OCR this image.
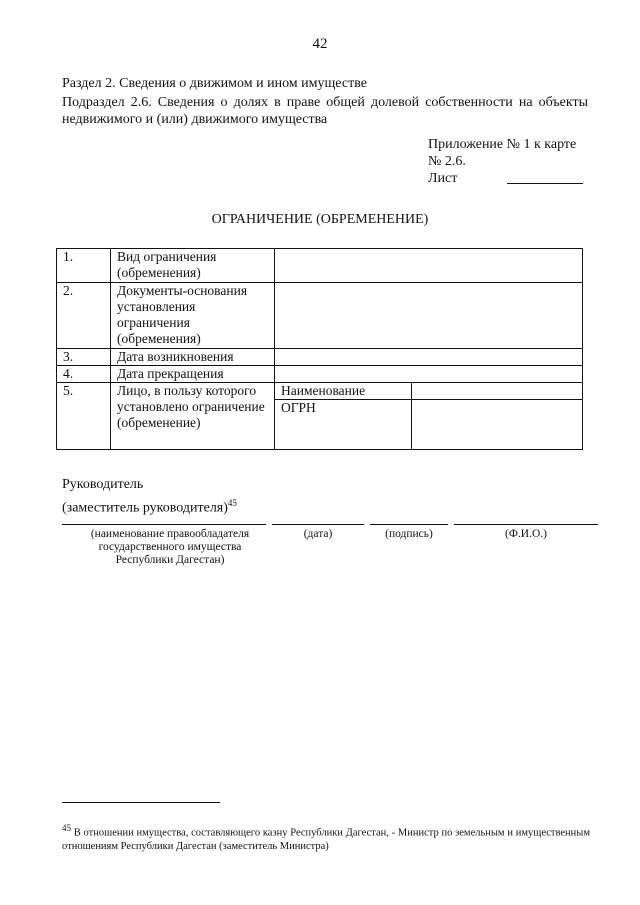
42
Раздел 2. Сведения о движимом и ином имуществе
Подраздел 2.6. Сведения о долях в праве общей долевой собственности на объекты недвижимого и (или) движимого имущества
Приложение № 1 к карте
№ 2.6.
Лист
ОГРАНИЧЕНИЕ (ОБРЕМЕНЕНИЕ)
1.	Вид ограничения (обременения)	
2.	Документы-основания установления ограничения (обременения)	
3.	Дата возникновения	
4.	Дата прекращения	
5.	Лицо, в пользу которого установлено ограничение (обременение)	Наименование
ОГРН
Руководитель
(заместитель руководителя)$^{45}$
(наименование правообладателя государственного имущества Республики Дагестан)
(дата)	(подпись)	(Ф.И.О.)
$^{45}$ В отношении имущества, составляющего казну Республики Дагестан, - Министр по земельным и имущественным отношениям Республики Дагестан (заместитель Министра)
